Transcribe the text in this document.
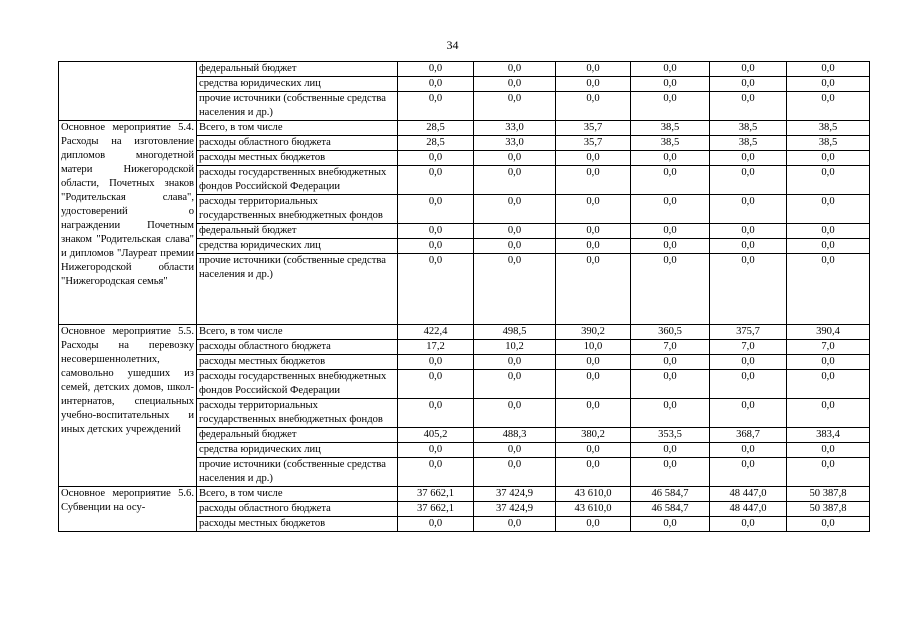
34
	федеральный бюджет	0,0	0,0	0,0	0,0	0,0	0,0
	средства юридических лиц	0,0	0,0	0,0	0,0	0,0	0,0
	прочие источники (собственные средства населения и др.)	0,0	0,0	0,0	0,0	0,0	0,0
Основное мероприятие 5.4. Расходы на изготовление дипломов многодетной матери Нижегородской области, Почетных знаков "Родительская слава", удостоверений о награждении Почетным знаком "Родительская слава" и дипломов "Лауреат премии Нижегородской области "Нижегородская семья"	Всего, в том числе	28,5	33,0	35,7	38,5	38,5	38,5
	расходы областного бюджета	28,5	33,0	35,7	38,5	38,5	38,5
	расходы местных бюджетов	0,0	0,0	0,0	0,0	0,0	0,0
	расходы государственных внебюджетных фондов Российской Федерации	0,0	0,0	0,0	0,0	0,0	0,0
	расходы территориальных государственных внебюджетных фондов	0,0	0,0	0,0	0,0	0,0	0,0
	федеральный бюджет	0,0	0,0	0,0	0,0	0,0	0,0
	средства юридических лиц	0,0	0,0	0,0	0,0	0,0	0,0
	прочие источники (собственные средства населения и др.)	0,0	0,0	0,0	0,0	0,0	0,0
Основное мероприятие 5.5. Расходы на перевозку несовершеннолетних, самовольно ушедших из семей, детских домов, школ-интернатов, специальных учебно-воспитательных и иных детских учреждений	Всего, в том числе	422,4	498,5	390,2	360,5	375,7	390,4
	расходы областного бюджета	17,2	10,2	10,0	7,0	7,0	7,0
	расходы местных бюджетов	0,0	0,0	0,0	0,0	0,0	0,0
	расходы государственных внебюджетных фондов Российской Федерации	0,0	0,0	0,0	0,0	0,0	0,0
	расходы территориальных государственных внебюджетных фондов	0,0	0,0	0,0	0,0	0,0	0,0
	федеральный бюджет	405,2	488,3	380,2	353,5	368,7	383,4
	средства юридических лиц	0,0	0,0	0,0	0,0	0,0	0,0
	прочие источники (собственные средства населения и др.)	0,0	0,0	0,0	0,0	0,0	0,0
Основное мероприятие 5.6. Субвенции на осу-	Всего, в том числе	37 662,1	37 424,9	43 610,0	46 584,7	48 447,0	50 387,8
	расходы областного бюджета	37 662,1	37 424,9	43 610,0	46 584,7	48 447,0	50 387,8
	расходы местных бюджетов	0,0	0,0	0,0	0,0	0,0	0,0
